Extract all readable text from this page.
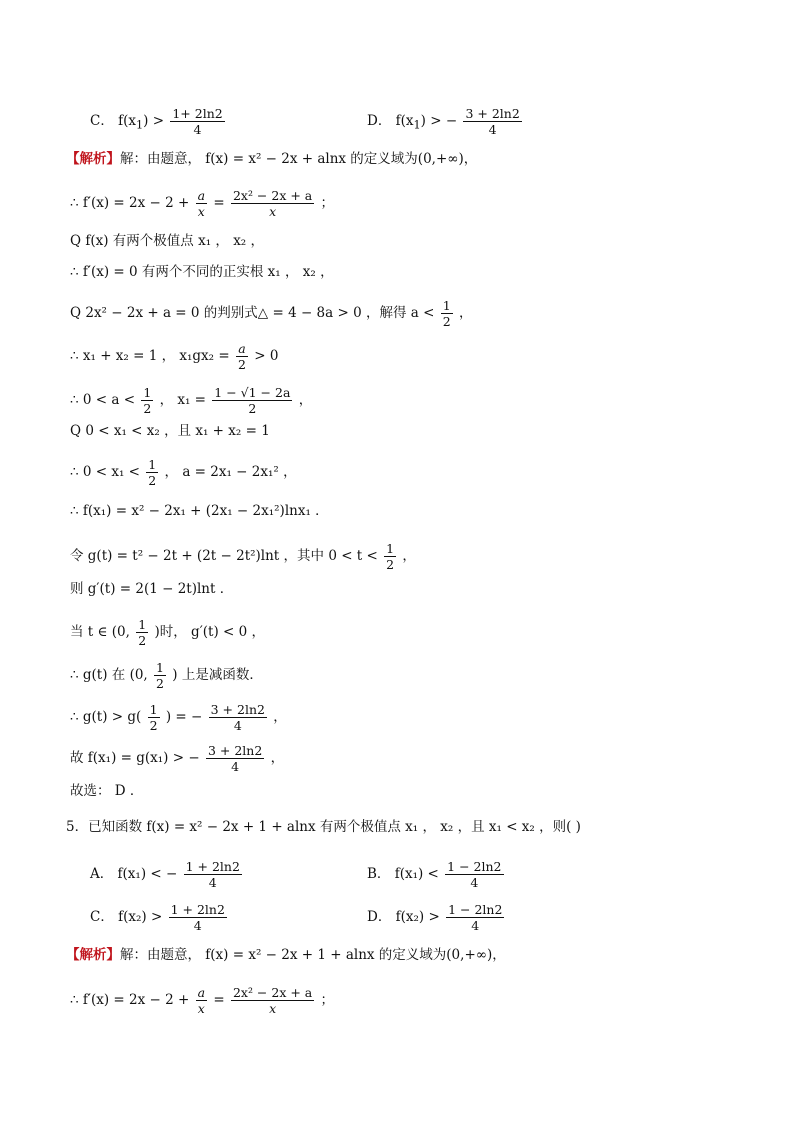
C． $f(x_1) > \frac{1+ 2\ln 2}{4}$	D． $f(x_1)$ > − $\frac{3 + 2\ln 2}{4}$
【解析】解：由题意， f(x) = x² − 2x + alnx 的定义域为(0,+∞)，
∴ $f'(x) = 2x - 2 + \frac{a}{x} = \frac{\text{2x² − 2x + a}}{x}$ ；
Q f(x) 有两个极值点 x₁ ， x₂ ，
∴ f′(x) = 0 有两个不同的正实根 x₁ ， x₂ ，
Q 2x² − 2x + a = 0 的判别式△ = 4 − 8a > 0 ，解得 $a < \frac{1}{2}$ ，
∴ x₁ + x₂ = 1 ， $x_1gx_2 = \frac{a}{2} > 0$
∴ $0 < a < \frac{1}{2}$ ， $x_1 = \frac{1 - √1 - 2a}{2}$ ，
Q 0 < x₁ < x₂ ，且 x₁ + x₂ = 1
∴ $0 < x_1 < \frac{1}{2}$ ， a = 2x₁ − 2x₁² ，
∴ f(x₁) = x² − 2x₁ + (2x₁ − 2x₁²)lnx₁ ．
令 g(t) = t² − 2t + (2t − 2t²)lnt ，其中 $0 < t < \frac{1}{2}$ ，
则 g′(t) = 2(1 − 2t)lnt ．
当 t ∈ (0, $\frac{1}{2}$ )时， g′(t) < 0 ，
∴ g(t) 在 (0, $\frac{1}{2}$ ) 上是减函数．
∴ $g(t) > g( \frac{1}{2}$ ) = − $\frac{3 + 2\ln 2}{4}$ ，
故 f(x₁) = g(x₁) > − $\frac{3 + 2\ln 2}{4}$ ，
故选： D ．
5．已知函数 f(x) = x² − 2x + 1 + alnx 有两个极值点 x₁ ， x₂ ，且 x₁ < x₂ ，则( )
A． f(x₁) < − $\frac{1 + 2\ln 2}{4}$	B． $f(x_1) < \frac{1 - 2\ln 2}{4}$
C． $f(x_2) > \frac{1 + 2\ln 2}{4}$	D． $f(x_2) > \frac{1 - 2\ln 2}{4}$
【解析】解：由题意， f(x) = x² − 2x + 1 + alnx 的定义域为(0,+∞)，
∴ $f'(x) = 2x - 2 + \frac{a}{x} = \frac{\text{2x² − 2x + a}}{x}$ ；
